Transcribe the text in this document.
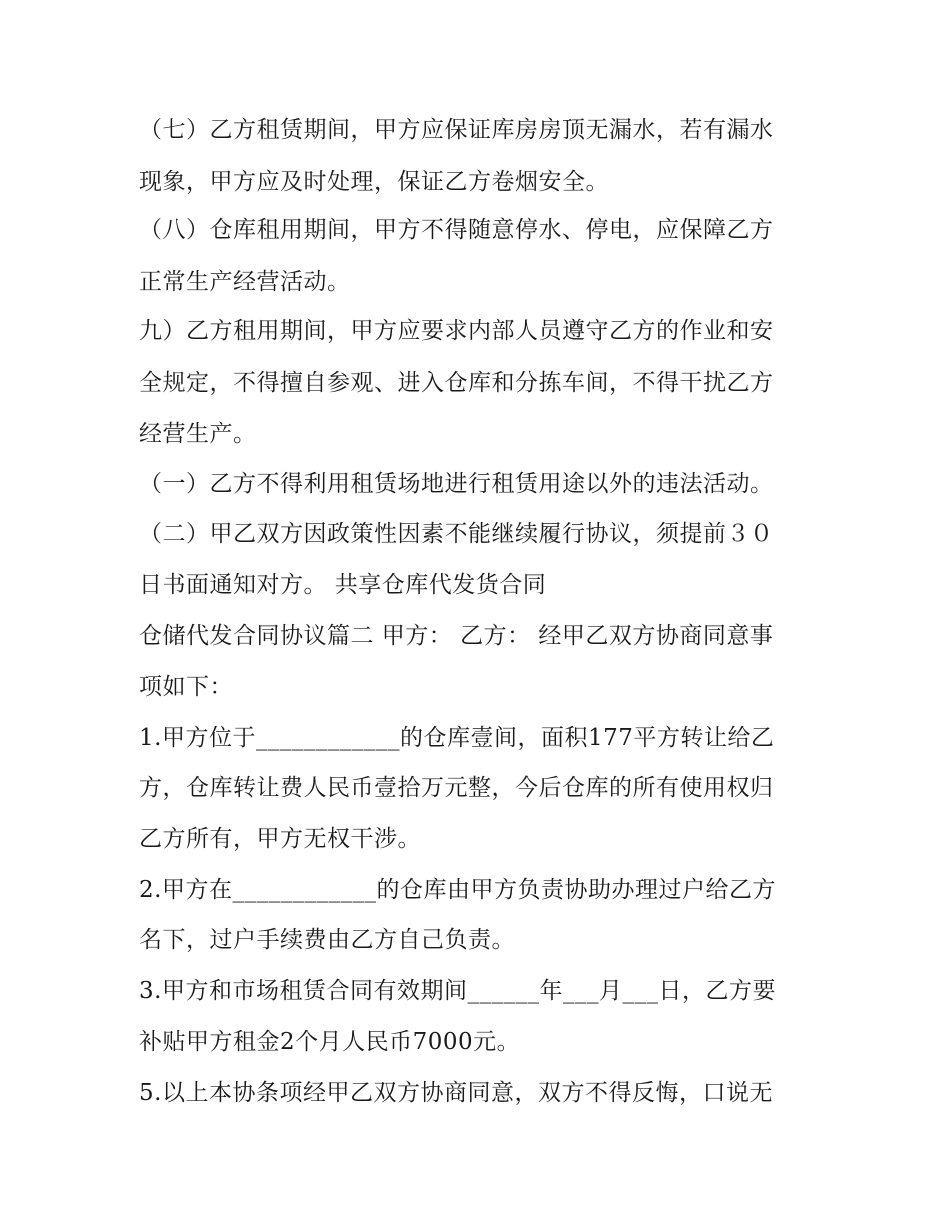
（七）乙方租赁期间，甲方应保证库房房顶无漏水，若有漏水
现象，甲方应及时处理，保证乙方卷烟安全。
（八）仓库租用期间，甲方不得随意停水、停电，应保障乙方
正常生产经营活动。
九）乙方租用期间，甲方应要求内部人员遵守乙方的作业和安
全规定，不得擅自参观、进入仓库和分拣车间，不得干扰乙方
经营生产。
（一）乙方不得利用租赁场地进行租赁用途以外的违法活动。
（二）甲乙双方因政策性因素不能继续履行协议，须提前３０
日书面通知对方。 共享仓库代发货合同
仓储代发合同协议篇二 甲方： 乙方： 经甲乙双方协商同意事
项如下：
1.甲方位于____________的仓库壹间，面积177平方转让给乙
方，仓库转让费人民币壹拾万元整，今后仓库的所有使用权归
乙方所有，甲方无权干涉。
2.甲方在____________的仓库由甲方负责协助办理过户给乙方
名下，过户手续费由乙方自己负责。
3.甲方和市场租赁合同有效期间______年___月___日，乙方要
补贴甲方租金2个月人民币7000元。
5.以上本协条项经甲乙双方协商同意，双方不得反悔，口说无
